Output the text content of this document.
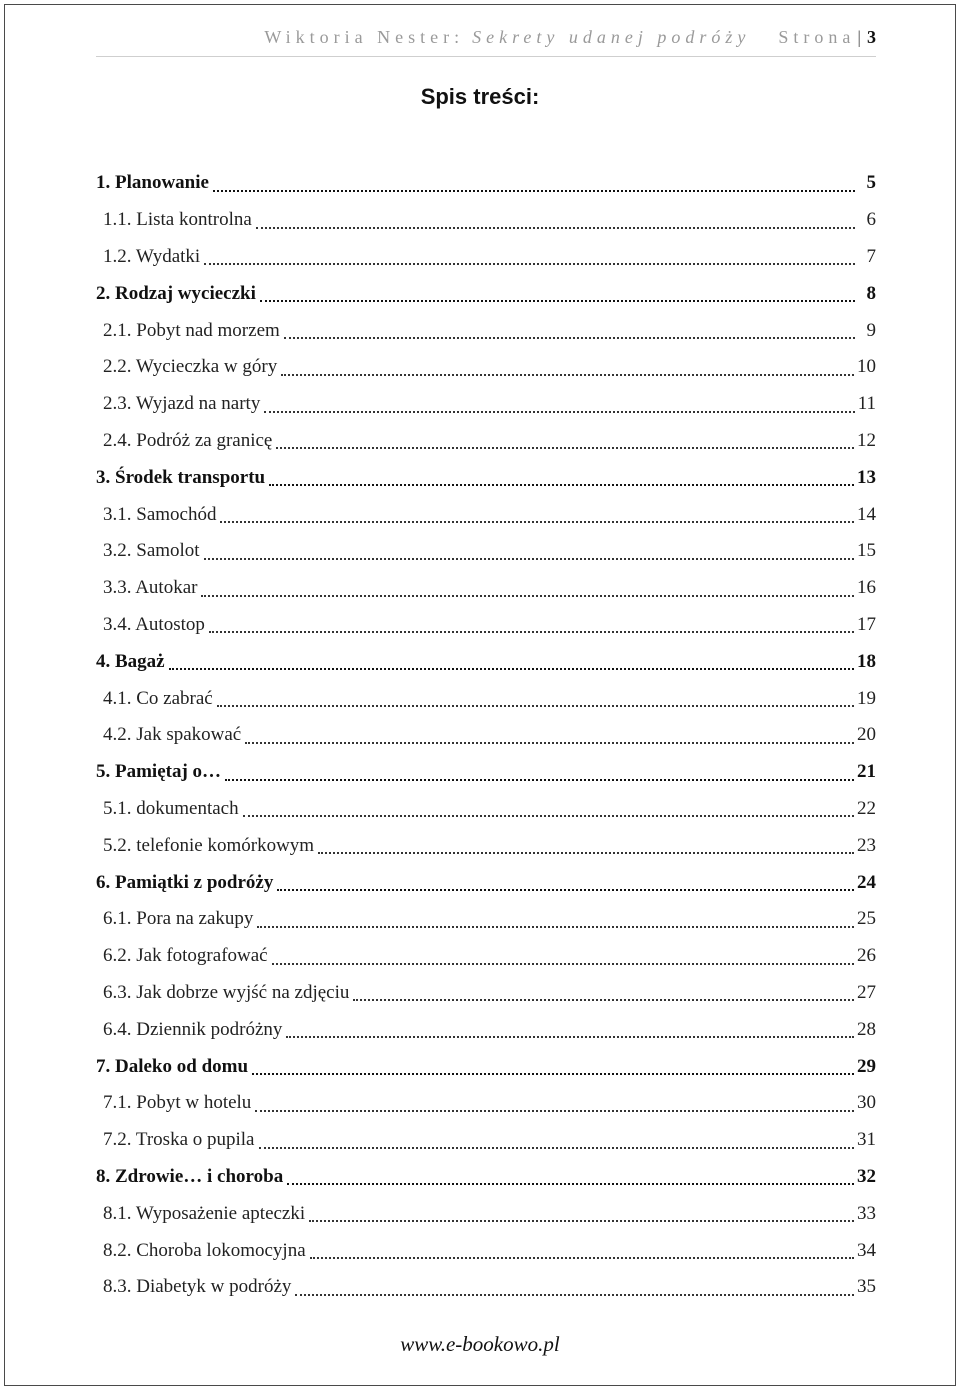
Wiktoria Nester: Sekrety udanej podróży Strona | 3
Spis treści:
1. Planowanie	5
1.1. Lista kontrolna	6
1.2. Wydatki	7
2. Rodzaj wycieczki	8
2.1. Pobyt nad morzem	9
2.2. Wycieczka w góry	10
2.3. Wyjazd na narty	11
2.4. Podróż za granicę	12
3. Środek transportu	13
3.1. Samochód	14
3.2. Samolot	15
3.3. Autokar	16
3.4. Autostop	17
4. Bagaż	18
4.1. Co zabrać	19
4.2. Jak spakować	20
5. Pamiętaj o…	21
5.1. dokumentach	22
5.2. telefonie komórkowym	23
6. Pamiątki z podróży	24
6.1. Pora na zakupy	25
6.2. Jak fotografować	26
6.3. Jak dobrze wyjść na zdjęciu	27
6.4. Dziennik podróżny	28
7. Daleko od domu	29
7.1. Pobyt w hotelu	30
7.2. Troska o pupila	31
8. Zdrowie… i choroba	32
8.1. Wyposażenie apteczki	33
8.2. Choroba lokomocyjna	34
8.3. Diabetyk w podróży	35
www.e-bookowo.pl
